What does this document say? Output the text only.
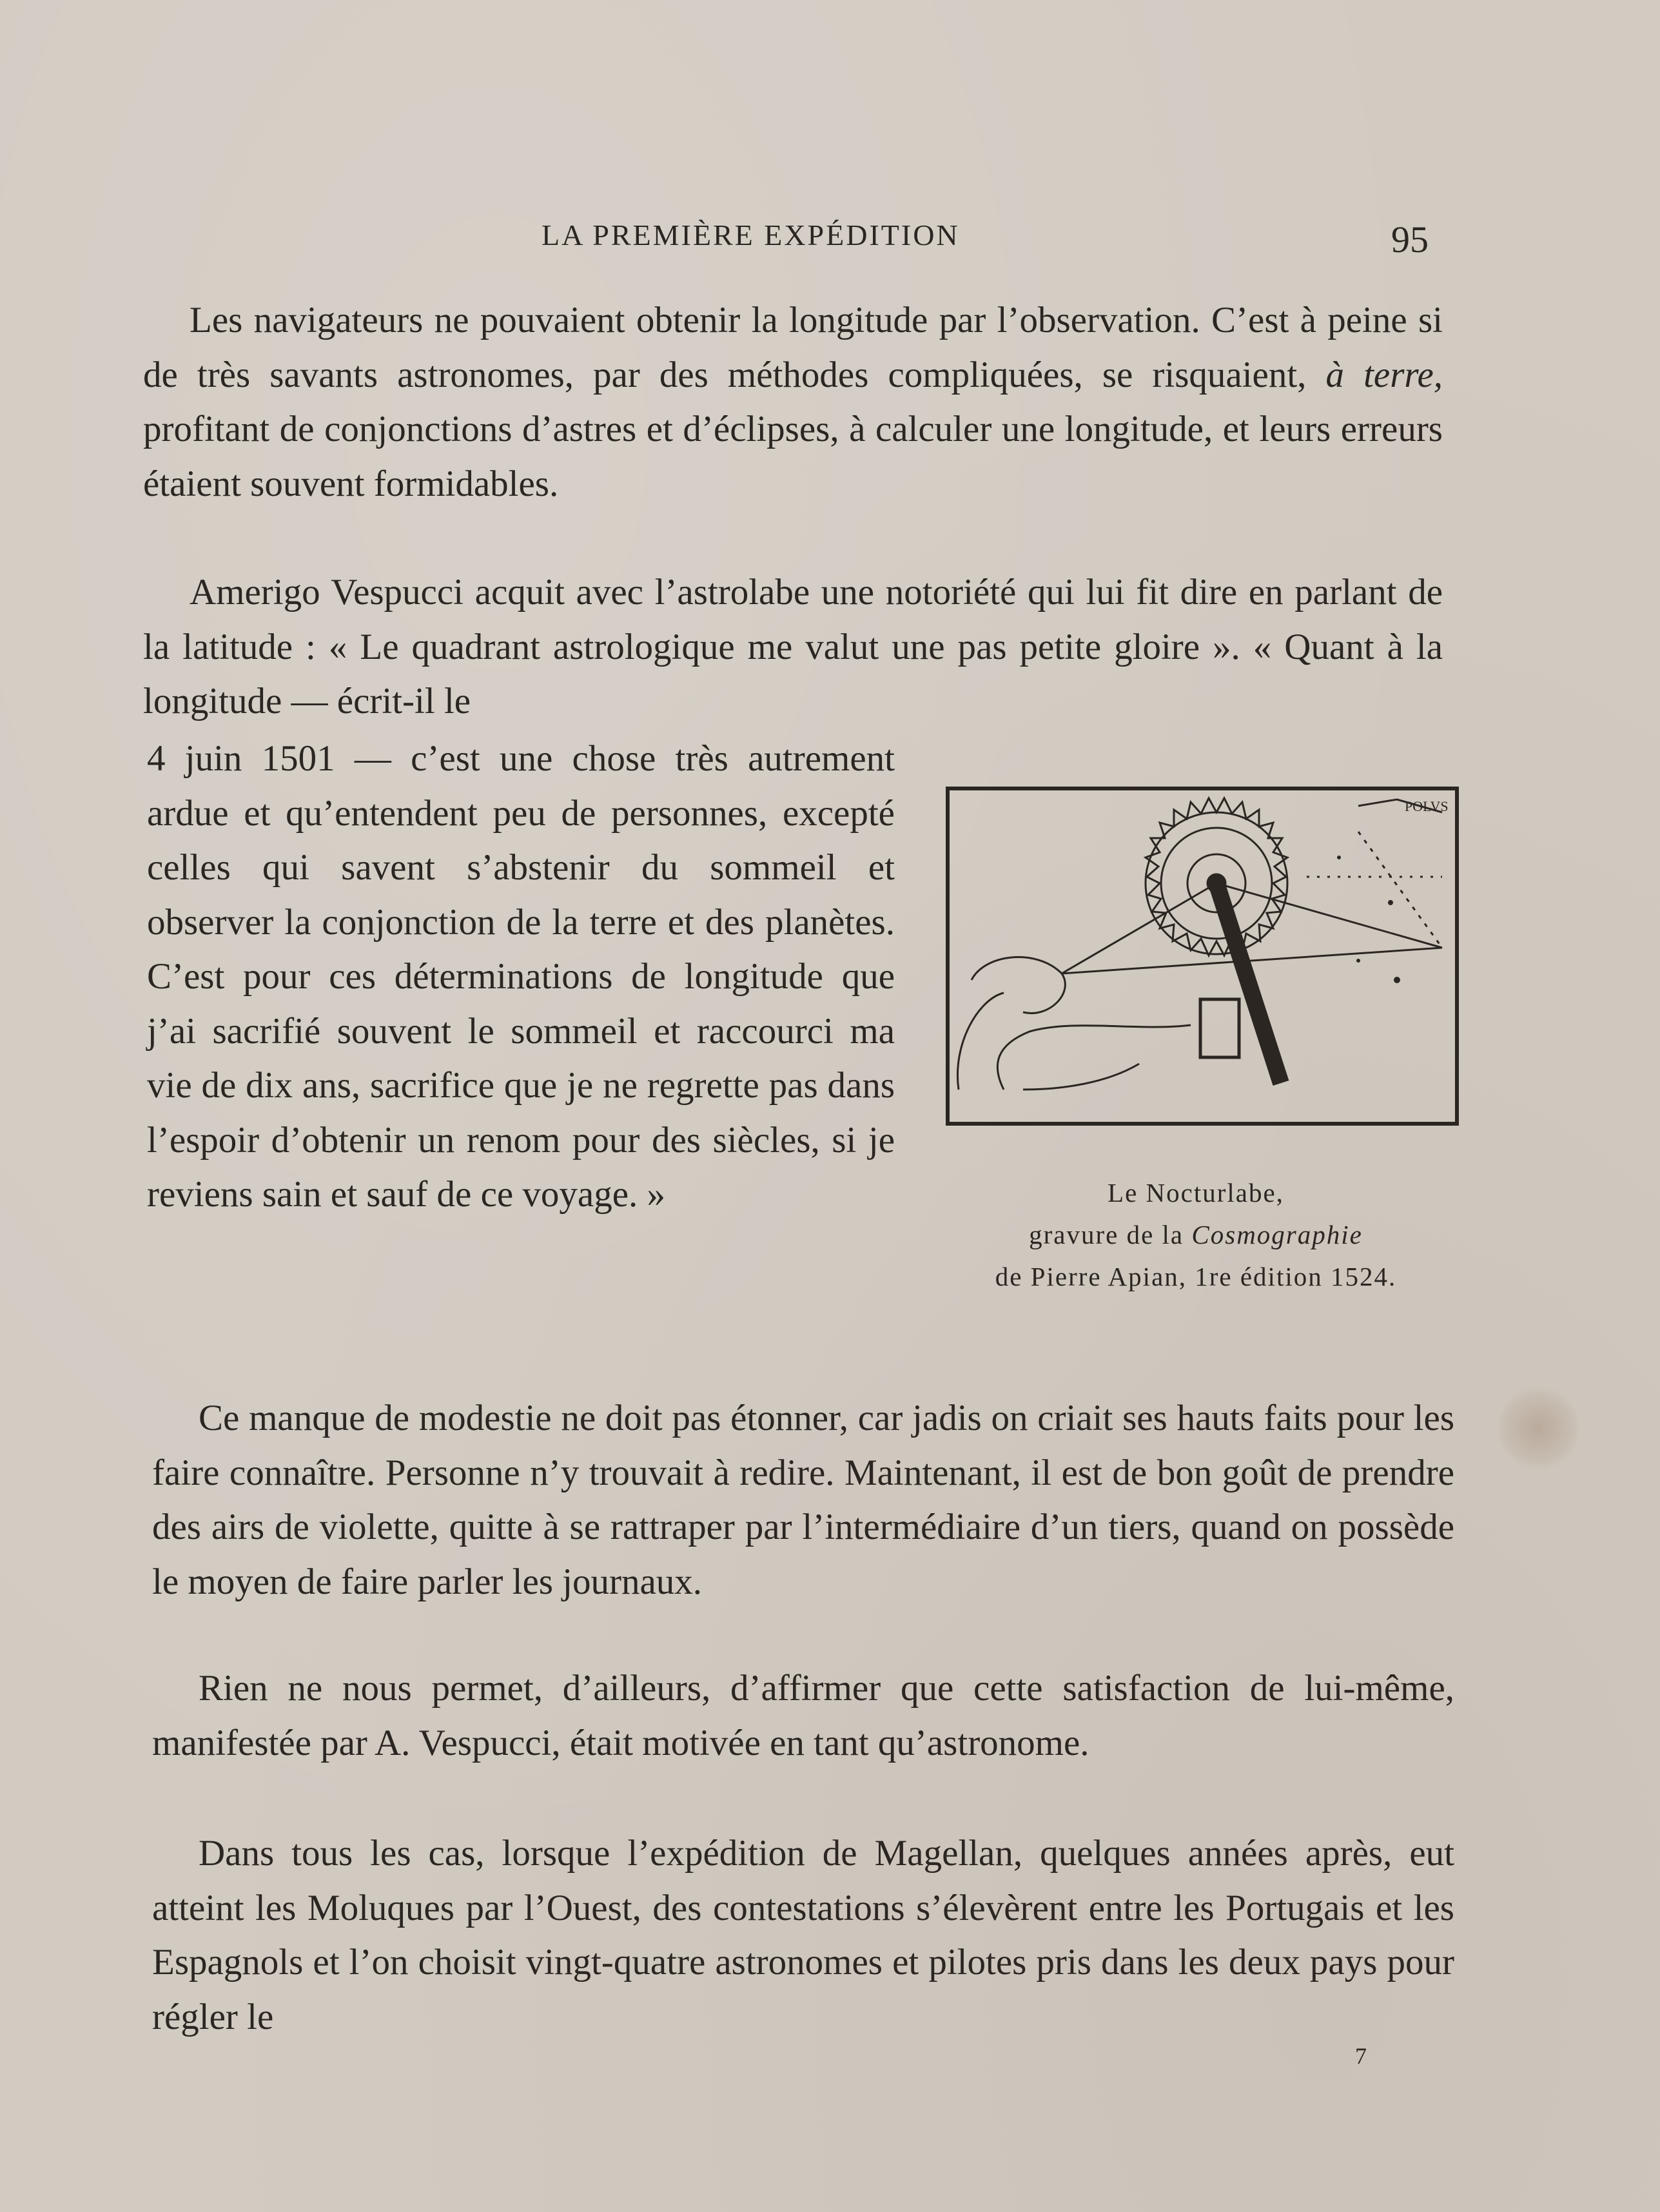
LA PREMIÈRE EXPÉDITION	95

Les navigateurs ne pouvaient obtenir la longitude par l’observation. C’est à peine si de très savants astronomes, par des méthodes compliquées, se risquaient, à terre, profitant de conjonctions d’astres et d’éclipses, à calculer une longitude, et leurs erreurs étaient souvent formidables.

Amerigo Vespucci acquit avec l’astrolabe une notoriété qui lui fit dire en parlant de la latitude : « Le quadrant astrologique me valut une pas petite gloire ». « Quant à la longitude — écrit-il le

4 juin 1501 — c’est une chose très autrement ardue et qu’entendent peu de personnes, excepté celles qui savent s’abstenir du sommeil et observer la conjonction de la terre et des planètes. C’est pour ces déterminations de longitude que j’ai sacrifié souvent le sommeil et raccourci ma vie de dix ans, sacrifice que je ne regrette pas dans l’espoir d’obtenir un renom pour des siècles, si je reviens sain et sauf de ce voyage. »

POLVS
Le Nocturlabe,
gravure de la Cosmographie
de Pierre Apian, 1re édition 1524.

Ce manque de modestie ne doit pas étonner, car jadis on criait ses hauts faits pour les faire connaître. Personne n’y trouvait à redire. Maintenant, il est de bon goût de prendre des airs de violette, quitte à se rattraper par l’intermédiaire d’un tiers, quand on possède le moyen de faire parler les journaux.

Rien ne nous permet, d’ailleurs, d’affirmer que cette satisfaction de lui-même, manifestée par A. Vespucci, était motivée en tant qu’astronome.

Dans tous les cas, lorsque l’expédition de Magellan, quelques années après, eut atteint les Moluques par l’Ouest, des contestations s’élevèrent entre les Portugais et les Espagnols et l’on choisit vingt-quatre astronomes et pilotes pris dans les deux pays pour régler le

7
